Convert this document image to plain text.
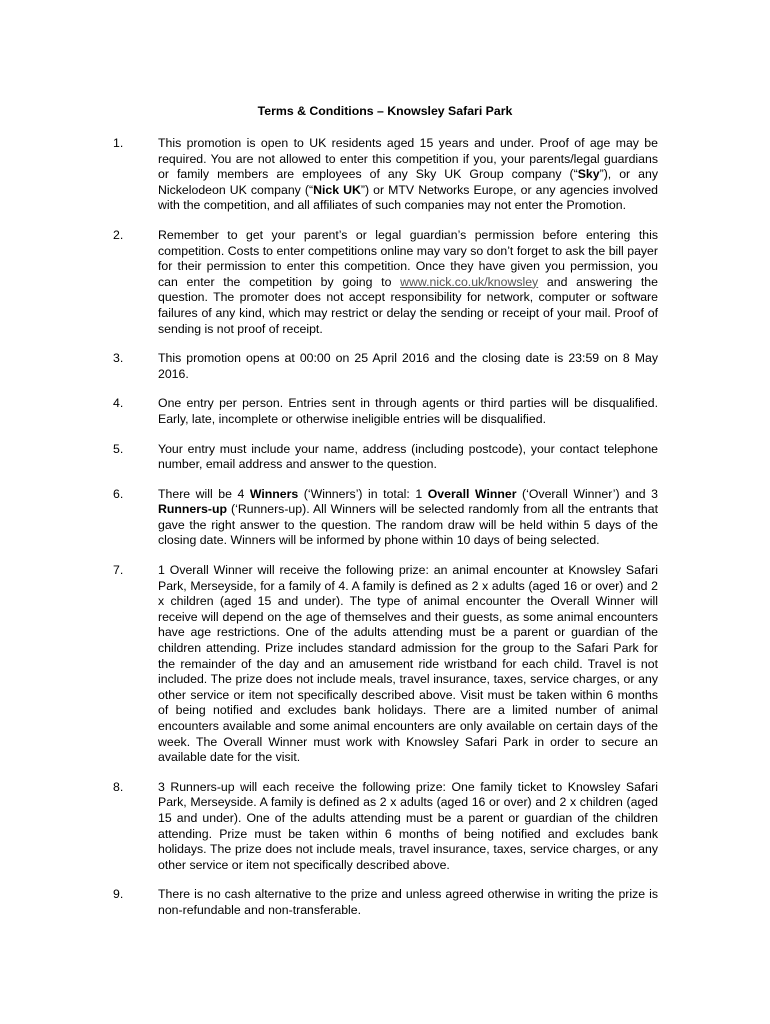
Terms & Conditions – Knowsley Safari Park
1.	This promotion is open to UK residents aged 15 years and under. Proof of age may be required. You are not allowed to enter this competition if you, your parents/legal guardians or family members are employees of any Sky UK Group company (“Sky”), or any Nickelodeon UK company (“Nick UK”) or MTV Networks Europe, or any agencies involved with the competition, and all affiliates of such companies may not enter the Promotion.
2.	Remember to get your parent’s or legal guardian’s permission before entering this competition. Costs to enter competitions online may vary so don’t forget to ask the bill payer for their permission to enter this competition. Once they have given you permission, you can enter the competition by going to www.nick.co.uk/knowsley and answering the question. The promoter does not accept responsibility for network, computer or software failures of any kind, which may restrict or delay the sending or receipt of your mail. Proof of sending is not proof of receipt.
3.	This promotion opens at 00:00 on 25 April 2016 and the closing date is 23:59 on 8 May 2016.
4.	One entry per person. Entries sent in through agents or third parties will be disqualified. Early, late, incomplete or otherwise ineligible entries will be disqualified.
5.	Your entry must include your name, address (including postcode), your contact telephone number, email address and answer to the question.
6.	There will be 4 Winners (‘Winners’) in total: 1 Overall Winner (‘Overall Winner’) and 3 Runners-up (‘Runners-up). All Winners will be selected randomly from all the entrants that gave the right answer to the question. The random draw will be held within 5 days of the closing date. Winners will be informed by phone within 10 days of being selected.
7.	1 Overall Winner will receive the following prize: an animal encounter at Knowsley Safari Park, Merseyside, for a family of 4. A family is defined as 2 x adults (aged 16 or over) and 2 x children (aged 15 and under). The type of animal encounter the Overall Winner will receive will depend on the age of themselves and their guests, as some animal encounters have age restrictions. One of the adults attending must be a parent or guardian of the children attending. Prize includes standard admission for the group to the Safari Park for the remainder of the day and an amusement ride wristband for each child. Travel is not included. The prize does not include meals, travel insurance, taxes, service charges, or any other service or item not specifically described above. Visit must be taken within 6 months of being notified and excludes bank holidays. There are a limited number of animal encounters available and some animal encounters are only available on certain days of the week. The Overall Winner must work with Knowsley Safari Park in order to secure an available date for the visit.
8.	3 Runners-up will each receive the following prize: One family ticket to Knowsley Safari Park, Merseyside. A family is defined as 2 x adults (aged 16 or over) and 2 x children (aged 15 and under). One of the adults attending must be a parent or guardian of the children attending. Prize must be taken within 6 months of being notified and excludes bank holidays. The prize does not include meals, travel insurance, taxes, service charges, or any other service or item not specifically described above.
9.	There is no cash alternative to the prize and unless agreed otherwise in writing the prize is non-refundable and non-transferable.
